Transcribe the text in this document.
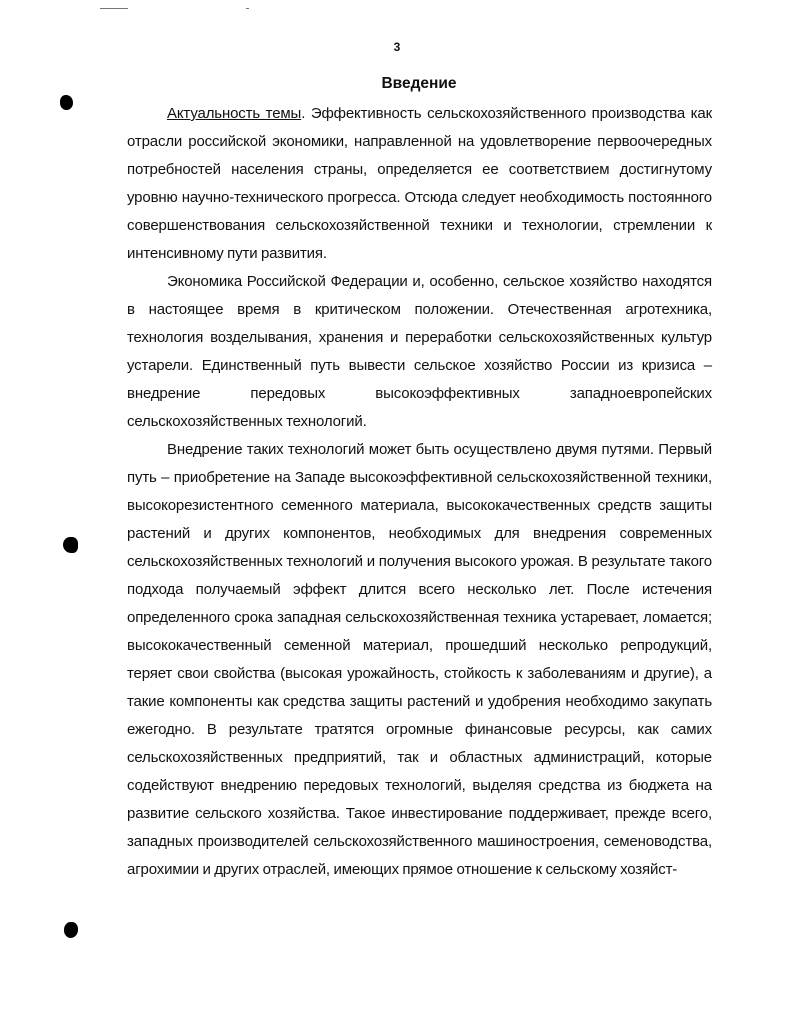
3
Введение

Актуальность темы. Эффективность сельскохозяйственного производства как отрасли российской экономики, направленной на удовлетворение первоочередных потребностей населения страны, определяется ее соответствием достигнутому уровню научно-технического прогресса. Отсюда следует необходимость постоянного совершенствования сельскохозяйственной техники и технологии, стремлении к интенсивному пути развития.

Экономика Российской Федерации и, особенно, сельское хозяйство находятся в настоящее время в критическом положении. Отечественная агротехника, технология возделывания, хранения и переработки сельскохозяйственных культур устарели. Единственный путь вывести сельское хозяйство России из кризиса – внедрение передовых высокоэффективных западноевропейских сельскохозяйственных технологий.

Внедрение таких технологий может быть осуществлено двумя путями. Первый путь – приобретение на Западе высокоэффективной сельскохозяйственной техники, высокорезистентного семенного материала, высококачественных средств защиты растений и других компонентов, необходимых для внедрения современных сельскохозяйственных технологий и получения высокого урожая. В результате такого подхода получаемый эффект длится всего несколько лет. После истечения определенного срока западная сельскохозяйственная техника устаревает, ломается; высококачественный семенной материал, прошедший несколько репродукций, теряет свои свойства (высокая урожайность, стойкость к заболеваниям и другие), а такие компоненты как средства защиты растений и удобрения необходимо закупать ежегодно. В результате тратятся огромные финансовые ресурсы, как самих сельскохозяйственных предприятий, так и областных администраций, которые содействуют внедрению передовых технологий, выделяя средства из бюджета на развитие сельского хозяйства. Такое инвестирование поддерживает, прежде всего, западных производителей сельскохозяйственного машиностроения, семеноводства, агрохимии и других отраслей, имеющих прямое отношение к сельскому хозяйст-
